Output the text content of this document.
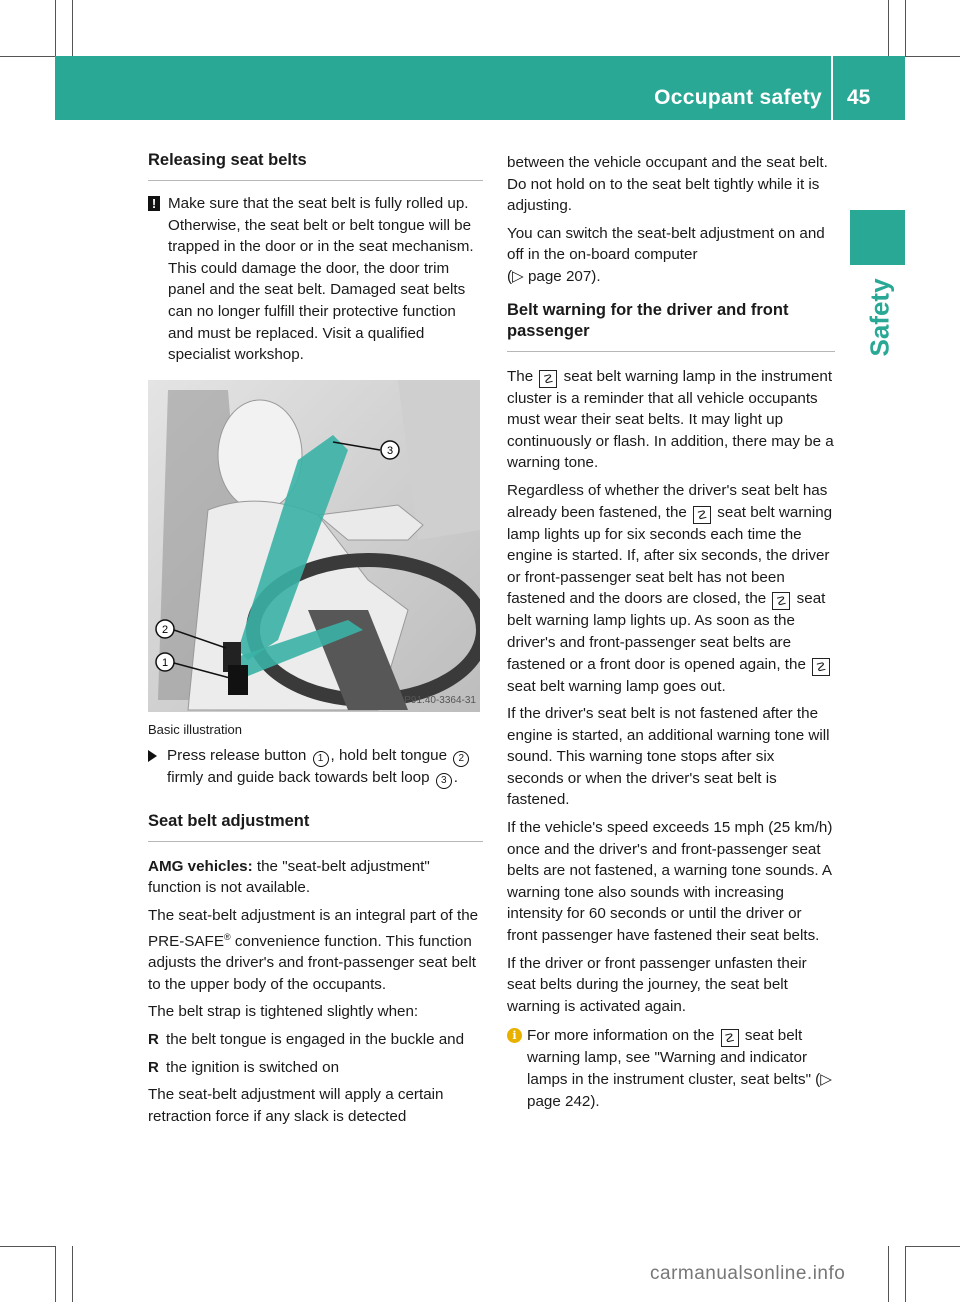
Occupant safety 45
Safety
Releasing seat belts
! Make sure that the seat belt is fully rolled up. Otherwise, the seat belt or belt tongue will be trapped in the door or in the seat mechanism. This could damage the door, the door trim panel and the seat belt. Damaged seat belts can no longer fulfill their protective function and must be replaced. Visit a qualified specialist workshop.
2
1
3
P91.40-3364-31
Basic illustration
Press release button 1 , hold belt tongue 2 firmly and guide back towards belt loop 3 .
Seat belt adjustment

AMG vehicles: the "seat-belt adjustment" function is not available.

The seat-belt adjustment is an integral part of the PRE-SAFE® convenience function. This function adjusts the driver's and front-passenger seat belt to the upper body of the occupants.

The belt strap is tightened slightly when:

R the belt tongue is engaged in the buckle and
R the ignition is switched on

The seat-belt adjustment will apply a certain retraction force if any slack is detected

between the vehicle occupant and the seat belt. Do not hold on to the seat belt tightly while it is adjusting.

You can switch the seat-belt adjustment on and off in the on-board computer

(▷ page 207).

Belt warning for the driver and front passenger

The ☡ seat belt warning lamp in the instrument cluster is a reminder that all vehicle occupants must wear their seat belts. It may light up continuously or flash. In addition, there may be a warning tone.

Regardless of whether the driver's seat belt has already been fastened, the ☡ seat belt warning lamp lights up for six seconds each time the engine is started. If, after six seconds, the driver or front-passenger seat belt has not been fastened and the doors are closed, the ☡ seat belt warning lamp lights up. As soon as the driver's and front-passenger seat belts are fastened or a front door is opened again, the ☡ seat belt warning lamp goes out.

If the driver's seat belt is not fastened after the engine is started, an additional warning tone will sound. This warning tone stops after six seconds or when the driver's seat belt is fastened.

If the vehicle's speed exceeds 15 mph (25 km/h) once and the driver's and front-passenger seat belts are not fastened, a warning tone sounds. A warning tone also sounds with increasing intensity for 60 seconds or until the driver or front passenger have fastened their seat belts.

If the driver or front passenger unfasten their seat belts during the journey, the seat belt warning is activated again.

i For more information on the ☡ seat belt warning lamp, see "Warning and indicator lamps in the instrument cluster, seat belts" (▷ page 242).
carmanualsonline.info
